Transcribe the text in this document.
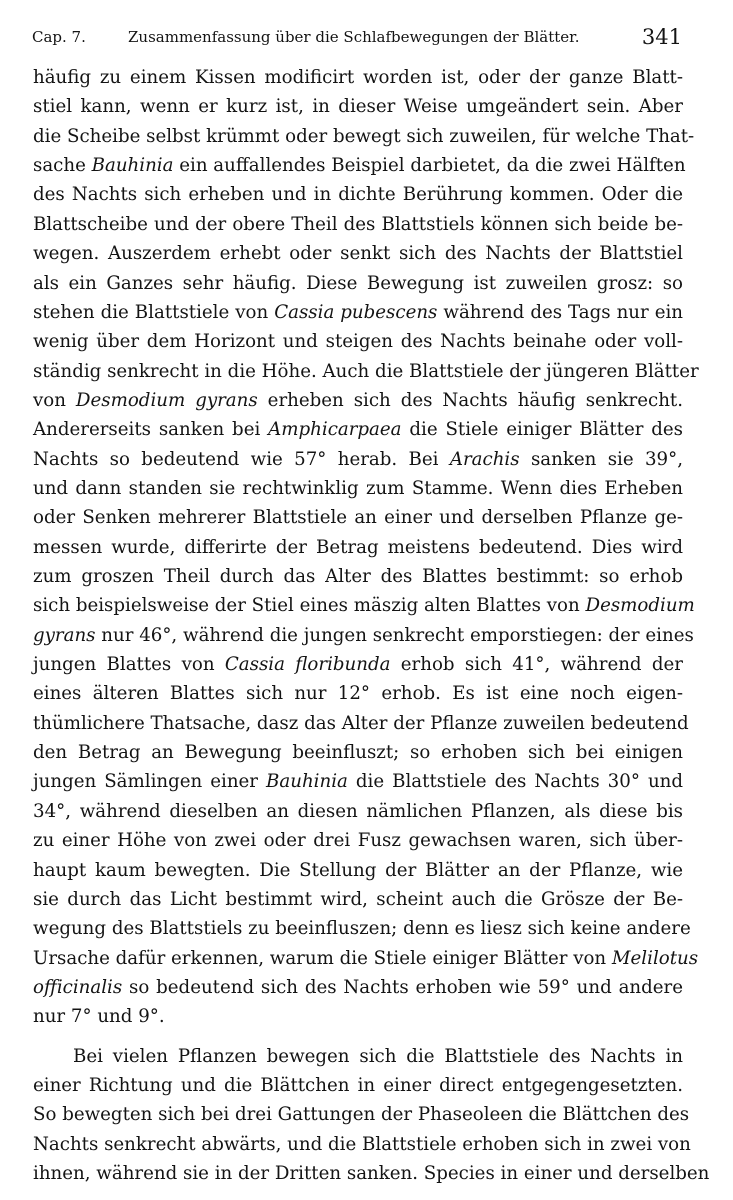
Cap. 7.	Zusammenfassung über die Schlafbewegungen der Blätter.	341
häufig zu einem Kissen modificirt worden ist, oder der ganze Blatt-
stiel kann, wenn er kurz ist, in dieser Weise umgeändert sein. Aber
die Scheibe selbst krümmt oder bewegt sich zuweilen, für welche That-
sache Bauhinia ein auffallendes Beispiel darbietet, da die zwei Hälften
des Nachts sich erheben und in dichte Berührung kommen. Oder die
Blattscheibe und der obere Theil des Blattstiels können sich beide be-
wegen. Auszerdem erhebt oder senkt sich des Nachts der Blattstiel
als ein Ganzes sehr häufig. Diese Bewegung ist zuweilen grosz: so
stehen die Blattstiele von Cassia pubescens während des Tags nur ein
wenig über dem Horizont und steigen des Nachts beinahe oder voll-
ständig senkrecht in die Höhe. Auch die Blattstiele der jüngeren Blätter
von Desmodium gyrans erheben sich des Nachts häufig senkrecht.
Andererseits sanken bei Amphicarpaea die Stiele einiger Blätter des
Nachts so bedeutend wie 57° herab. Bei Arachis sanken sie 39°,
und dann standen sie rechtwinklig zum Stamme. Wenn dies Erheben
oder Senken mehrerer Blattstiele an einer und derselben Pflanze ge-
messen wurde, differirte der Betrag meistens bedeutend. Dies wird
zum groszen Theil durch das Alter des Blattes bestimmt: so erhob
sich beispielsweise der Stiel eines mäszig alten Blattes von Desmodium
gyrans nur 46°, während die jungen senkrecht emporstiegen: der eines
jungen Blattes von Cassia floribunda erhob sich 41°, während der
eines älteren Blattes sich nur 12° erhob. Es ist eine noch eigen-
thümlichere Thatsache, dasz das Alter der Pflanze zuweilen bedeutend
den Betrag an Bewegung beeinfluszt; so erhoben sich bei einigen
jungen Sämlingen einer Bauhinia die Blattstiele des Nachts 30° und
34°, während dieselben an diesen nämlichen Pflanzen, als diese bis
zu einer Höhe von zwei oder drei Fusz gewachsen waren, sich über-
haupt kaum bewegten. Die Stellung der Blätter an der Pflanze, wie
sie durch das Licht bestimmt wird, scheint auch die Grösze der Be-
wegung des Blattstiels zu beeinfluszen; denn es liesz sich keine andere
Ursache dafür erkennen, warum die Stiele einiger Blätter von Melilotus
officinalis so bedeutend sich des Nachts erhoben wie 59° und andere
nur 7° und 9°.
Bei vielen Pflanzen bewegen sich die Blattstiele des Nachts in
einer Richtung und die Blättchen in einer direct entgegengesetzten.
So bewegten sich bei drei Gattungen der Phaseoleen die Blättchen des
Nachts senkrecht abwärts, und die Blattstiele erhoben sich in zwei von
ihnen, während sie in der Dritten sanken. Species in einer und derselben
